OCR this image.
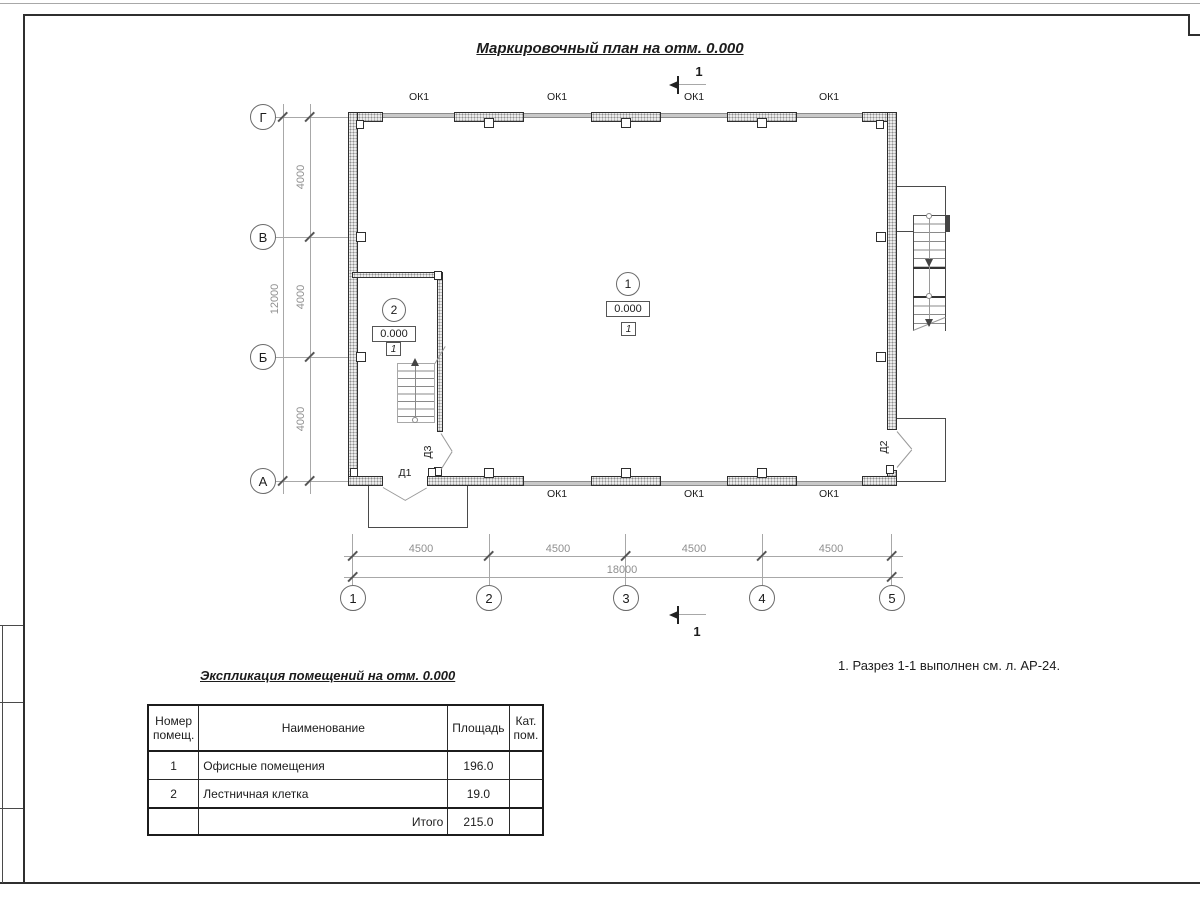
Маркировочный план на отм. 0.000
1
1
Г
В
Б
А
4000
4000
4000
12000
1	2	3	4	5
4500	4500	4500	4500
18000
ОК1	ОК1	ОК1	ОК1
ОК1	ОК1	ОК1
Д1
Д3	Д2
1
0.000
1
2
0.000
1
1. Разрез 1-1 выполнен см. л. АР-24.
Экспликация помещений на отм. 0.000
Номер помещ.	Наименование	Площадь	Кат. пом.
1	Офисные помещения	196.0	
2	Лестничная клетка	19.0	
	Итого	215.0	
